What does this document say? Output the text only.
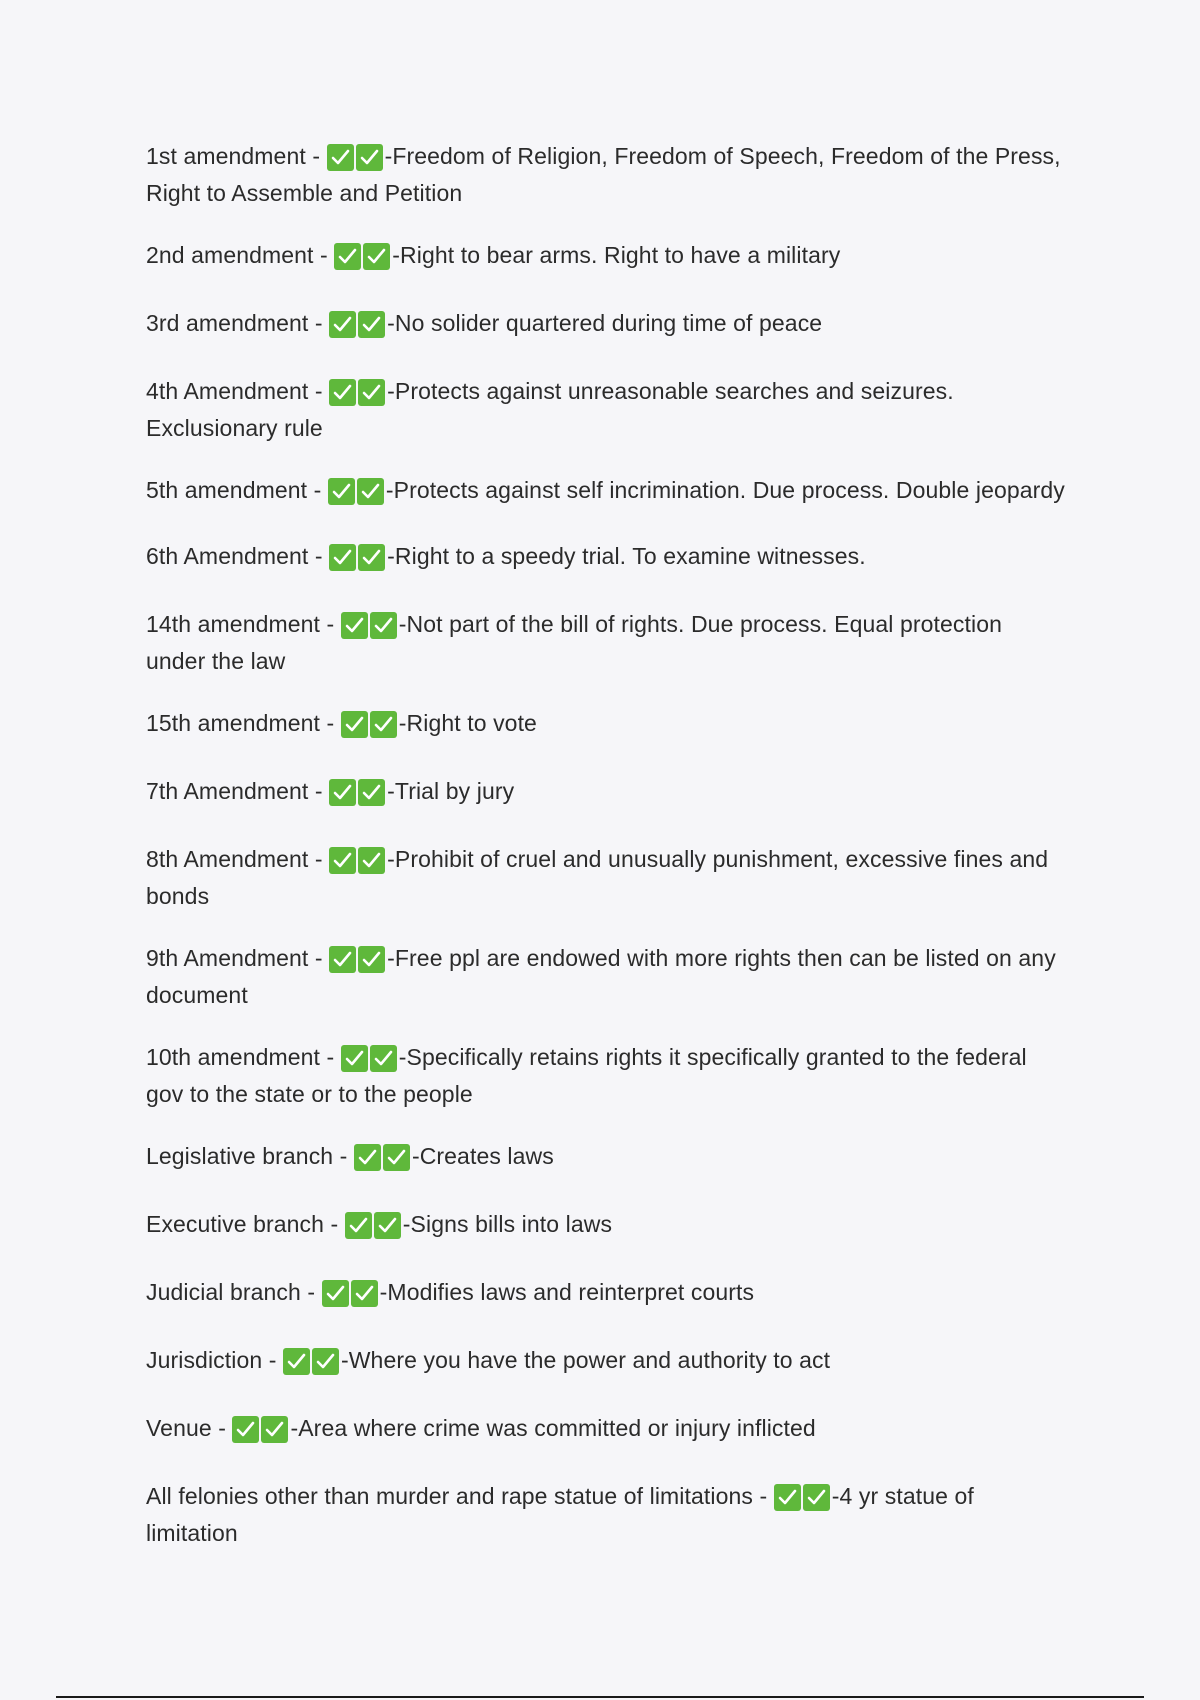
1st amendment -	-Freedom of Religion, Freedom of Speech, Freedom of the Press, Right to Assemble and Petition
2nd amendment -	-Right to bear arms. Right to have a military
3rd amendment -	-No solider quartered during time of peace
4th Amendment -	-Protects against unreasonable searches and seizures. Exclusionary rule
5th amendment -	-Protects against self incrimination. Due process. Double jeopardy
6th Amendment -	-Right to a speedy trial. To examine witnesses.
14th amendment -	-Not part of the bill of rights. Due process. Equal protection under the law
15th amendment -	-Right to vote
7th Amendment -	-Trial by jury
8th Amendment -	-Prohibit of cruel and unusually punishment, excessive fines and bonds
9th Amendment -	-Free ppl are endowed with more rights then can be listed on any document
10th amendment -	-Specifically retains rights it specifically granted to the federal gov to the state or to the people
Legislative branch -	-Creates laws
Executive branch -	-Signs bills into laws
Judicial branch -	-Modifies laws and reinterpret courts
Jurisdiction -	-Where you have the power and authority to act
Venue -	-Area where crime was committed or injury inflicted
All felonies other than murder and rape statue of limitations -	-4 yr statue of limitation
